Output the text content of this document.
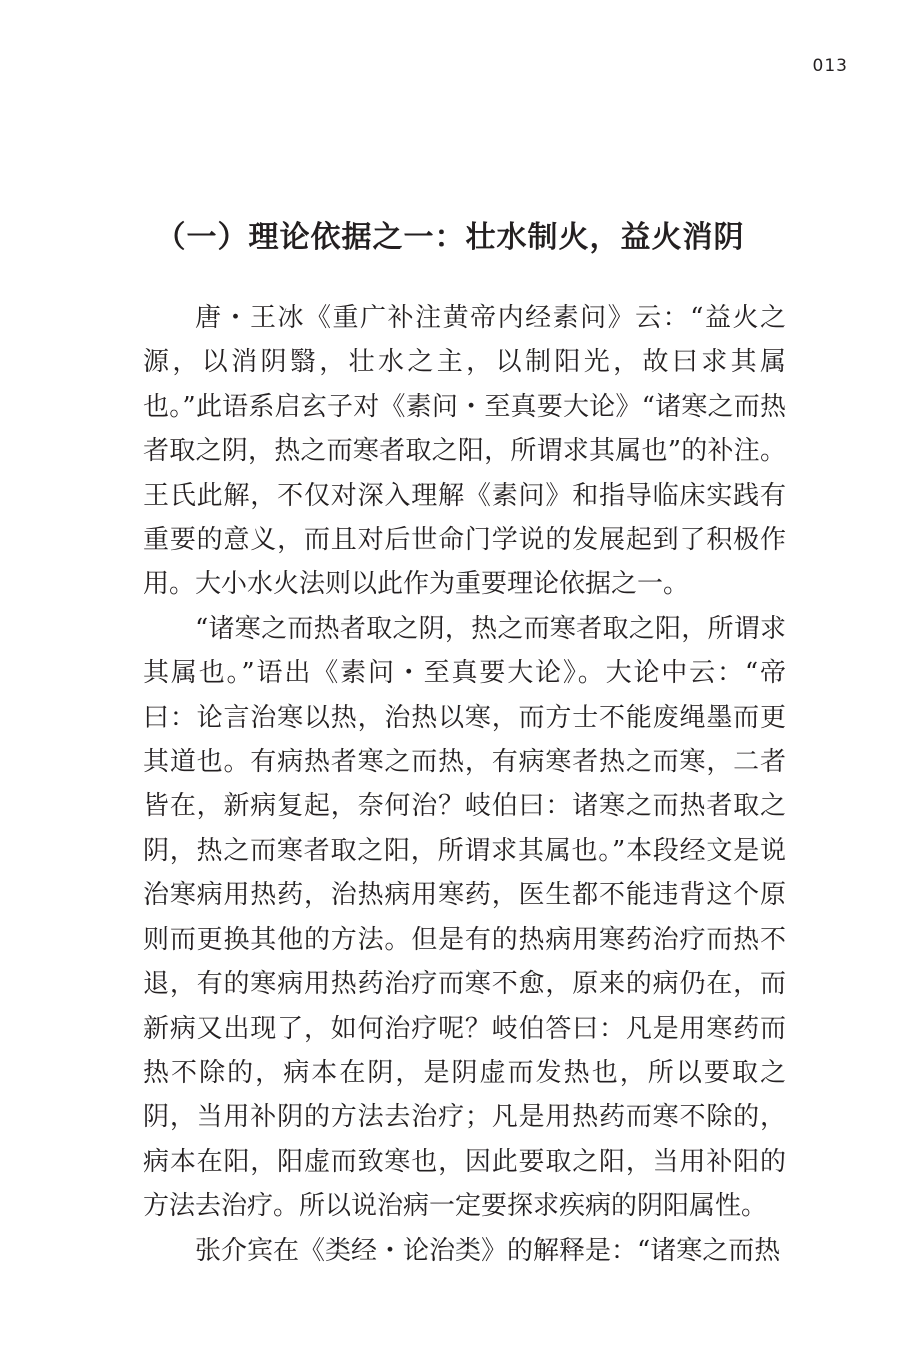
013
（一）理论依据之一：壮水制火，益火消阴

唐・王冰《重广补注黄帝内经素问》云：“益火之源，以消阴翳，壮水之主，以制阳光，故曰求其属也。”此语系启玄子对《素问・至真要大论》“诸寒之而热者取之阴，热之而寒者取之阳，所谓求其属也”的补注。王氏此解，不仅对深入理解《素问》和指导临床实践有重要的意义，而且对后世命门学说的发展起到了积极作用。大小水火法则以此作为重要理论依据之一。

“诸寒之而热者取之阴，热之而寒者取之阳，所谓求其属也。”语出《素问・至真要大论》。大论中云：“帝曰：论言治寒以热，治热以寒，而方士不能废绳墨而更其道也。有病热者寒之而热，有病寒者热之而寒，二者皆在，新病复起，奈何治？岐伯曰：诸寒之而热者取之阴，热之而寒者取之阳，所谓求其属也。”本段经文是说治寒病用热药，治热病用寒药，医生都不能违背这个原则而更换其他的方法。但是有的热病用寒药治疗而热不退，有的寒病用热药治疗而寒不愈，原来的病仍在，而新病又出现了，如何治疗呢？岐伯答曰：凡是用寒药而热不除的，病本在阴，是阴虚而发热也，所以要取之阴，当用补阴的方法去治疗；凡是用热药而寒不除的，病本在阳，阳虚而致寒也，因此要取之阳，当用补阳的方法去治疗。所以说治病一定要探求疾病的阴阳属性。

张介宾在《类经・论治类》的解释是：“诸寒之而热
